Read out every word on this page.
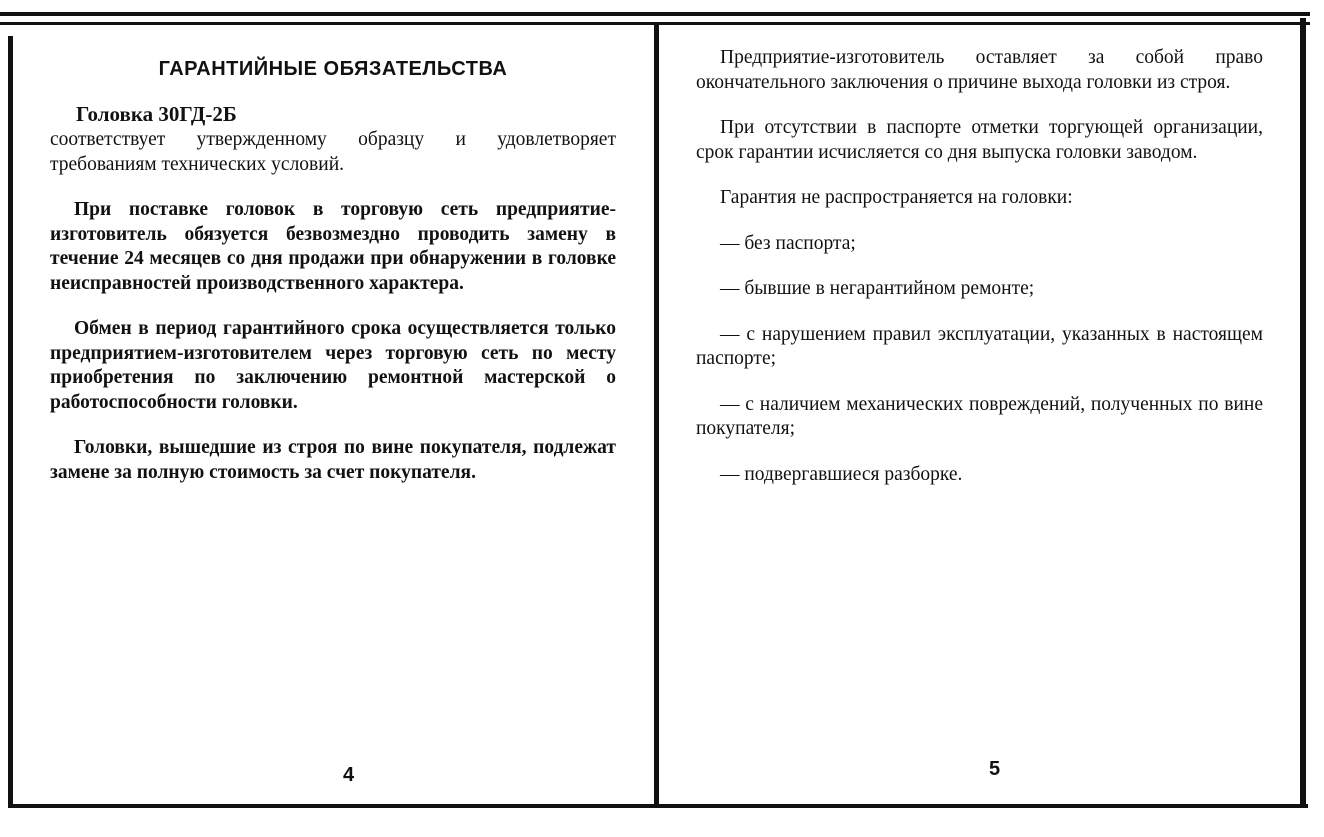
ГАРАНТИЙНЫЕ ОБЯЗАТЕЛЬСТВА
Головка 30ГД-2Б

соответствует утвержденному образцу и удовлетворяет требованиям технических условий.

При поставке головок в торговую сеть предприятие-изготовитель обязуется безвозмездно проводить замену в течение 24 месяцев со дня продажи при обнаружении в головке неисправностей производственного характера.

Обмен в период гарантийного срока осуществляется только предприятием-изготовителем через торговую сеть по месту приобретения по заключению ремонтной мастерской о работоспособности головки.

Головки, вышедшие из строя по вине покупателя, подлежат замене за полную стоимость за счет покупателя.

Предприятие-изготовитель оставляет за собой право окончательного заключения о причине выхода головки из строя.

При отсутствии в паспорте отметки торгующей организации, срок гарантии исчисляется со дня выпуска головки заводом.

Гарантия не распространяется на головки:

— без паспорта;

— бывшие в негарантийном ремонте;

— с нарушением правил эксплуатации, указанных в настоящем паспорте;

— с наличием механических повреждений, полученных по вине покупателя;

— подвергавшиеся разборке.

4	5
